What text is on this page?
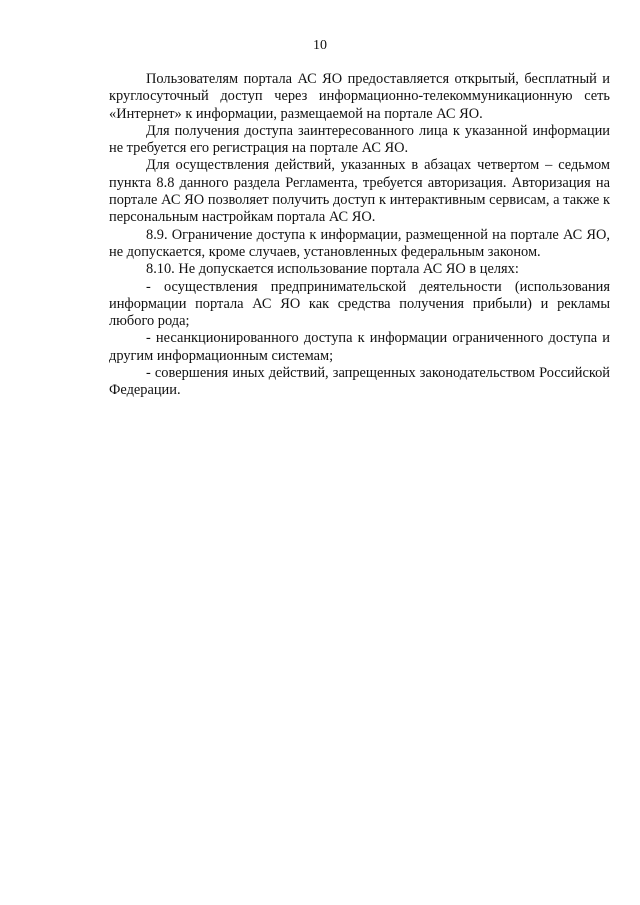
10

Пользователям портала АС ЯО предоставляется открытый, бесплатный и круглосуточный доступ через информационно-телекоммуникационную сеть «Интернет» к информации, размещаемой на портале АС ЯО.

Для получения доступа заинтересованного лица к указанной информации не требуется его регистрация на портале АС ЯО.

Для осуществления действий, указанных в абзацах четвертом – седьмом пункта 8.8 данного раздела Регламента, требуется авторизация. Авторизация на портале АС ЯО позволяет получить доступ к интерактивным сервисам, а также к персональным настройкам портала АС ЯО.

8.9. Ограничение доступа к информации, размещенной на портале АС ЯО, не допускается, кроме случаев, установленных федеральным законом.

8.10. Не допускается использование портала АС ЯО в целях:

- осуществления предпринимательской деятельности (использования информации портала АС ЯО как средства получения прибыли) и рекламы любого рода;

- несанкционированного доступа к информации ограниченного доступа и другим информационным системам;

- совершения иных действий, запрещенных законодательством Российской Федерации.
